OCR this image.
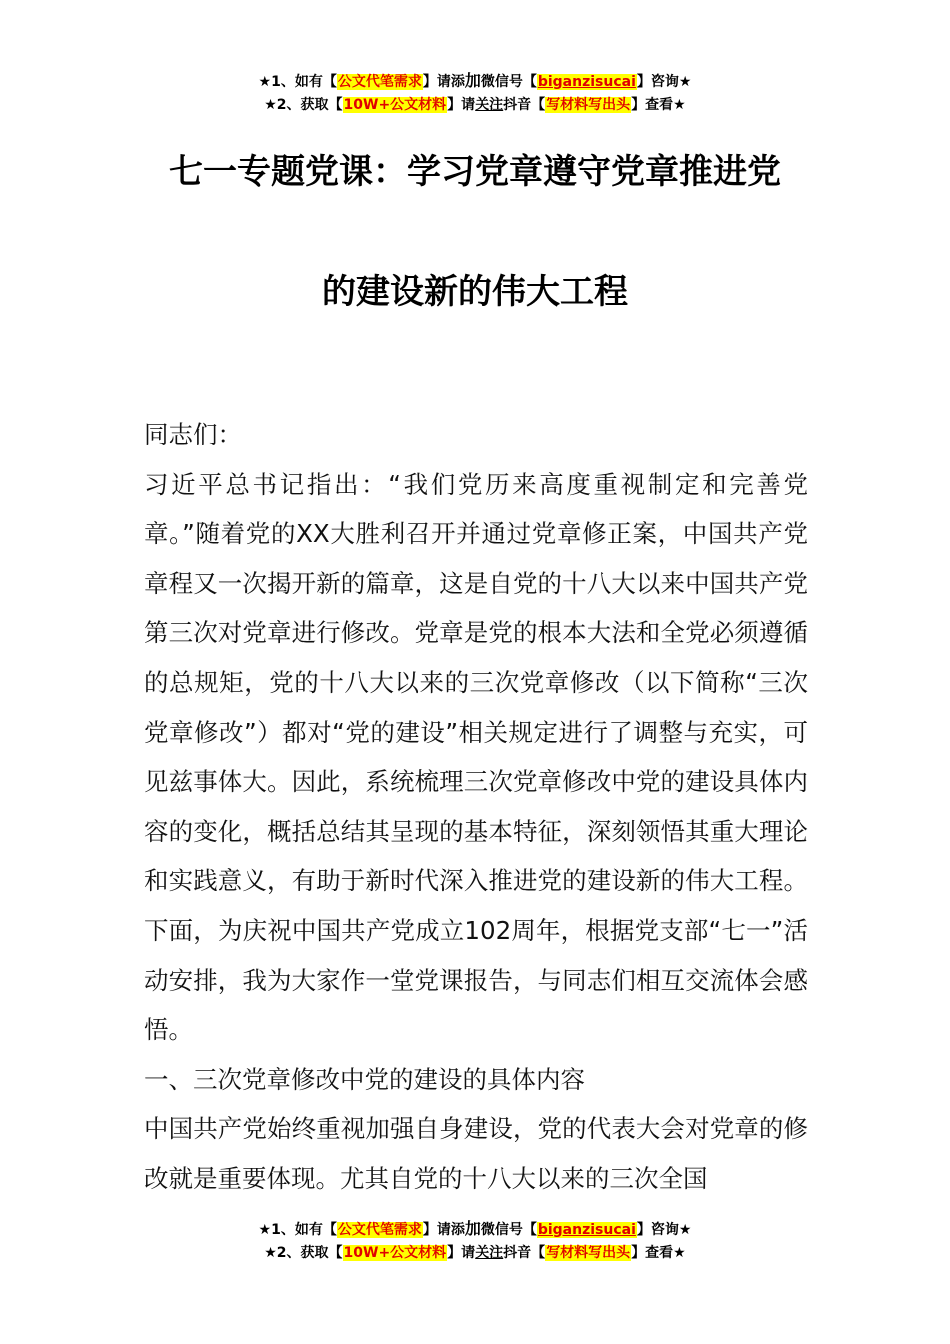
★1、如有【公文代笔需求】请添加微信号【biganzisucai】咨询★
★2、获取【10W+公文材料】请关注抖音【写材料写出头】查看★
七一专题党课：学习党章遵守党章推进党
的建设新的伟大工程

同志们：

习近平总书记指出：“我们党历来高度重视制定和完善党章。”随着党的XX大胜利召开并通过党章修正案，中国共产党章程又一次揭开新的篇章，这是自党的十八大以来中国共产党第三次对党章进行修改。党章是党的根本大法和全党必须遵循的总规矩，党的十八大以来的三次党章修改（以下简称“三次党章修改”）都对“党的建设”相关规定进行了调整与充实，可见兹事体大。因此，系统梳理三次党章修改中党的建设具体内容的变化，概括总结其呈现的基本特征，深刻领悟其重大理论和实践意义，有助于新时代深入推进党的建设新的伟大工程。下面，为庆祝中国共产党成立102周年，根据党支部“七一”活动安排，我为大家作一堂党课报告，与同志们相互交流体会感悟。

一、三次党章修改中党的建设的具体内容

中国共产党始终重视加强自身建设，党的代表大会对党章的修改就是重要体现。尤其自党的十八大以来的三次全国

★1、如有【公文代笔需求】请添加微信号【biganzisucai】咨询★
★2、获取【10W+公文材料】请关注抖音【写材料写出头】查看★
